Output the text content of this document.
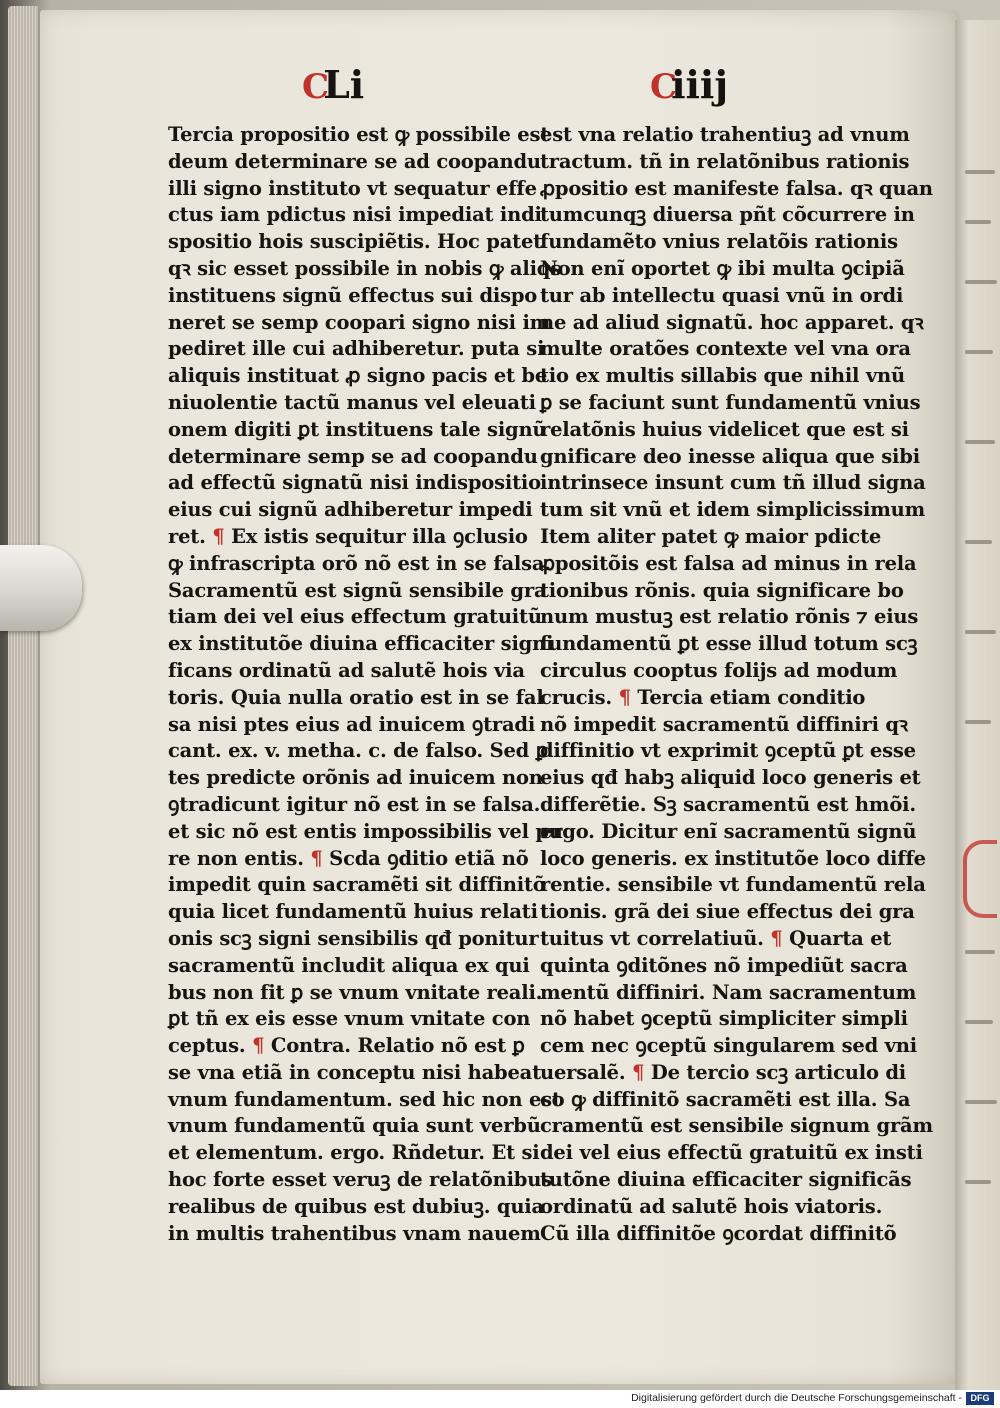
CLi	Ciiij
Tercia propositio est ꝙ possibile est
deum determinare se ad coopandu
illi signo instituto vt sequatur effe
ctus iam pdictus nisi impediat indi
spositio hois suscipiẽtis. Hoc patet
qꝛ sic esset possibile in nobis ꝙ aliqs
instituens signũ effectus sui dispo
neret se semp coopari signo nisi im
pediret ille cui adhiberetur. puta si
aliquis instituat ꝓ signo pacis et be
niuolentie tactũ manus vel eleuati
onem digiti ꝑt instituens tale signũ
determinare semp se ad coopandu
ad effectũ signatũ nisi indispositio
eius cui signũ adhiberetur impedi
ret. ¶ Ex istis sequitur illa ꝯclusio
ꝙ infrascripta orõ nõ est in se falsa.
Sacramentũ est signũ sensibile gra
tiam dei vel eius effectum gratuitũ
ex institutõe diuina efficaciter signi
ficans ordinatũ ad salutẽ hois via
toris. Quia nulla oratio est in se fal
sa nisi ptes eius ad inuicem ꝯtradi
cant. ex. v. metha. c. de falso. Sed ꝑ
tes predicte orõnis ad inuicem non
ꝯtradicunt igitur nõ est in se falsa.
et sic nõ est entis impossibilis vel pu
re non entis. ¶ Scda ꝯditio etiã nõ
impedit quin sacramẽti sit diffinitõ
quia licet fundamentũ huius relati
onis scꝫ signi sensibilis qđ ponitur
sacramentũ includit aliqua ex qui
bus non fit ꝑ se vnum vnitate reali.
ꝑt tñ ex eis esse vnum vnitate con
ceptus. ¶ Contra. Relatio nõ est ꝑ
se vna etiã in conceptu nisi habeat
vnum fundamentum. sed hic non est
vnum fundamentũ quia sunt verbũ
et elementum. ergo. Rñdetur. Et si
hoc forte esset veruꝫ de relatõnibus
realibus de quibus est dubiuꝫ. quia
in multis trahentibus vnam nauem
est vna relatio trahentiuꝫ ad vnum
tractum. tñ in relatõnibus rationis
ꝓpositio est manifeste falsa. qꝛ quan
tumcunqꝫ diuersa pñt cõcurrere in
fundamẽto vnius relatõis rationis
Non enĩ oportet ꝙ ibi multa ꝯcipiã
tur ab intellectu quasi vnũ in ordi
ne ad aliud signatũ. hoc apparet. qꝛ
multe oratões contexte vel vna ora
tio ex multis sillabis que nihil vnũ
ꝑ se faciunt sunt fundamentũ vnius
relatõnis huius videlicet que est si
gnificare deo inesse aliqua que sibi
intrinsece insunt cum tñ illud signa
tum sit vnũ et idem simplicissimum
Item aliter patet ꝙ maior pdicte
ꝓpositõis est falsa ad minus in rela
tionibus rõnis. quia significare bo
num mustuꝫ est relatio rõnis ⁊ eius
fundamentũ ꝑt esse illud totum scꝫ
circulus cooptus folijs ad modum
crucis. ¶ Tercia etiam conditio
nõ impedit sacramentũ diffiniri qꝛ
diffinitio vt exprimit ꝯceptũ ꝑt esse
eius qđ habꝫ aliquid loco generis et
differẽtie. Sꝫ sacramentũ est hmõi.
ergo. Dicitur enĩ sacramentũ signũ
loco generis. ex institutõe loco diffe
rentie. sensibile vt fundamentũ rela
tionis. grã dei siue effectus dei gra
tuitus vt correlatiuũ. ¶ Quarta et
quinta ꝯditõnes nõ impediũt sacra
mentũ diffiniri. Nam sacramentum
nõ habet ꝯceptũ simpliciter simpli
cem nec ꝯceptũ singularem sed vni
uersalẽ. ¶ De tercio scꝫ articulo di
co ꝙ diffinitõ sacramẽti est illa. Sa
cramentũ est sensibile signum grãm
dei vel eius effectũ gratuitũ ex insti
tutõne diuina efficaciter significãs
ordinatũ ad salutẽ hois viatoris.
Cũ illa diffinitõe ꝯcordat diffinitõ
Digitalisierung gefördert durch die Deutsche Forschungsgemeinschaft - DFG
